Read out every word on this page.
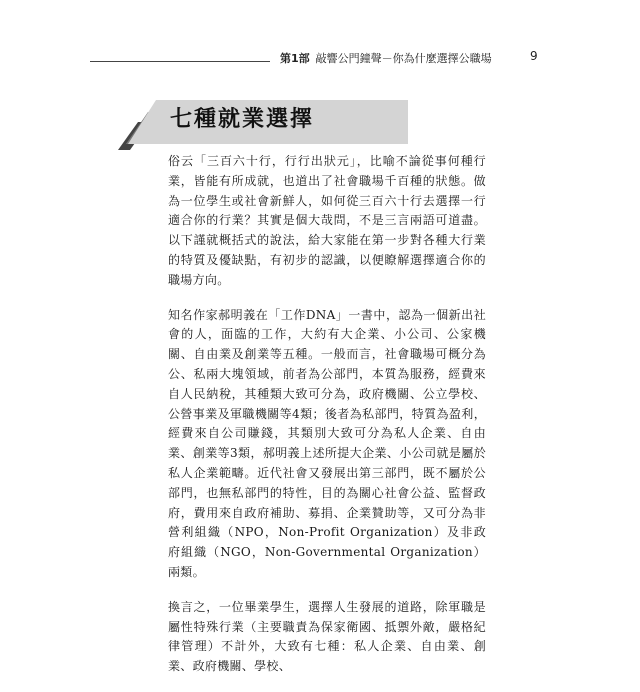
第1部 敲響公門鐘聲－你為什麼選擇公職場	9
七種就業選擇

俗云「三百六十行，行行出狀元」，比喻不論從事何種行業，皆能有所成就，也道出了社會職場千百種的狀態。做為一位學生或社會新鮮人，如何從三百六十行去選擇一行適合你的行業？其實是個大哉問，不是三言兩語可道盡。以下謹就概括式的說法，給大家能在第一步對各種大行業的特質及優缺點，有初步的認識，以便瞭解選擇適合你的職場方向。

知名作家郝明義在「工作DNA」一書中，認為一個新出社會的人，面臨的工作，大約有大企業、小公司、公家機關、自由業及創業等五種。一般而言，社會職場可概分為公、私兩大塊領域，前者為公部門，本質為服務，經費來自人民納稅，其種類大致可分為，政府機關、公立學校、公營事業及軍職機關等4類；後者為私部門，特質為盈利，經費來自公司賺錢，其類別大致可分為私人企業、自由業、創業等3類，郝明義上述所提大企業、小公司就是屬於私人企業範疇。近代社會又發展出第三部門，既不屬於公部門，也無私部門的特性，目的為關心社會公益、監督政府，費用來自政府補助、募捐、企業贊助等，又可分為非營利組織（NPO，Non-Profit Organization）及非政府組織（NGO，Non-Governmental Organization）兩類。

換言之，一位畢業學生，選擇人生發展的道路，除軍職是屬性特殊行業（主要職責為保家衛國、抵禦外敵，嚴格紀律管理）不計外，大致有七種：私人企業、自由業、創業、政府機關、學校、
